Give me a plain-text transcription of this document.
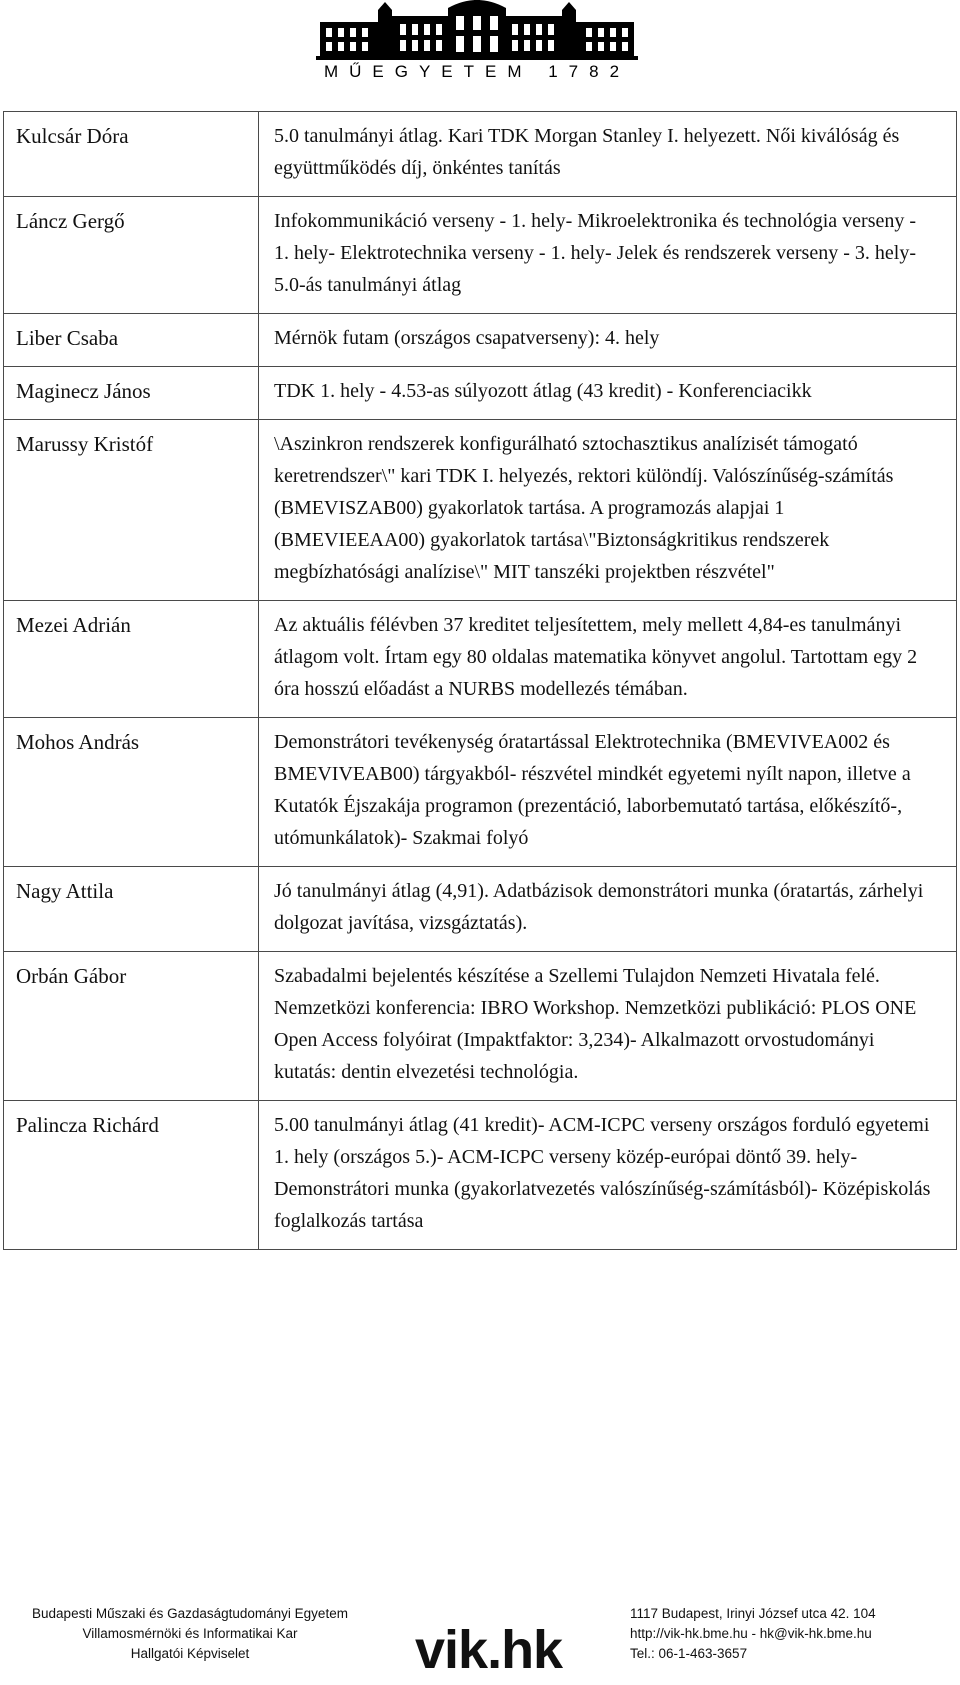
MŰEGYETEM 1782
Kulcsár Dóra	5.0 tanulmányi átlag. Kari TDK Morgan Stanley I. helyezett. Női kiválóság és együttműködés díj, önkéntes tanítás
Láncz Gergő	Infokommunikáció verseny - 1. hely- Mikroelektronika és technológia verseny - 1. hely- Elektrotechnika verseny - 1. hely- Jelek és rendszerek verseny - 3. hely- 5.0-ás tanulmányi átlag
Liber Csaba	Mérnök futam (országos csapatverseny): 4. hely
Maginecz János	TDK 1. hely - 4.53-as súlyozott átlag (43 kredit) - Konferenciacikk
Marussy Kristóf	\Aszinkron rendszerek konfigurálható sztochasztikus analízisét támogató keretrendszer\" kari TDK I. helyezés, rektori különdíj. Valószínűség-számítás (BMEVISZAB00) gyakorlatok tartása. A programozás alapjai 1 (BMEVIEEAA00) gyakorlatok tartása\"Biztonságkritikus rendszerek megbízhatósági analízise\" MIT tanszéki projektben részvétel"
Mezei Adrián	Az aktuális félévben 37 kreditet teljesítettem, mely mellett 4,84-es tanulmányi átlagom volt. Írtam egy 80 oldalas matematika könyvet angolul. Tartottam egy 2 óra hosszú előadást a NURBS modellezés témában.
Mohos András	Demonstrátori tevékenység óratartással Elektrotechnika (BMEVIVEA002 és BMEVIVEAB00) tárgyakból- részvétel mindkét egyetemi nyílt napon, illetve a Kutatók Éjszakája programon (prezentáció, laborbemutató tartása, előkészítő-, utómunkálatok)- Szakmai folyó
Nagy Attila	Jó tanulmányi átlag (4,91). Adatbázisok demonstrátori munka (óratartás, zárhelyi dolgozat javítása, vizsgáztatás).
Orbán Gábor	Szabadalmi bejelentés készítése a Szellemi Tulajdon Nemzeti Hivatala felé. Nemzetközi konferencia: IBRO Workshop. Nemzetközi publikáció: PLOS ONE Open Access folyóirat (Impaktfaktor: 3,234)- Alkalmazott orvostudományi kutatás: dentin elvezetési technológia.
Palincza Richárd	5.00 tanulmányi átlag (41 kredit)- ACM-ICPC verseny országos forduló egyetemi 1. hely (országos 5.)- ACM-ICPC verseny közép-európai döntő 39. hely- Demonstrátori munka (gyakorlatvezetés valószínűség-számításból)- Középiskolás foglalkozás tartása
Budapesti Műszaki és Gazdaságtudományi Egyetem
Villamosmérnöki és Informatikai Kar
Hallgatói Képviselet	vik.hk
1117 Budapest, Irinyi József utca 42. 104
http://vik-hk.bme.hu - hk@vik-hk.bme.hu
Tel.: 06-1-463-3657
